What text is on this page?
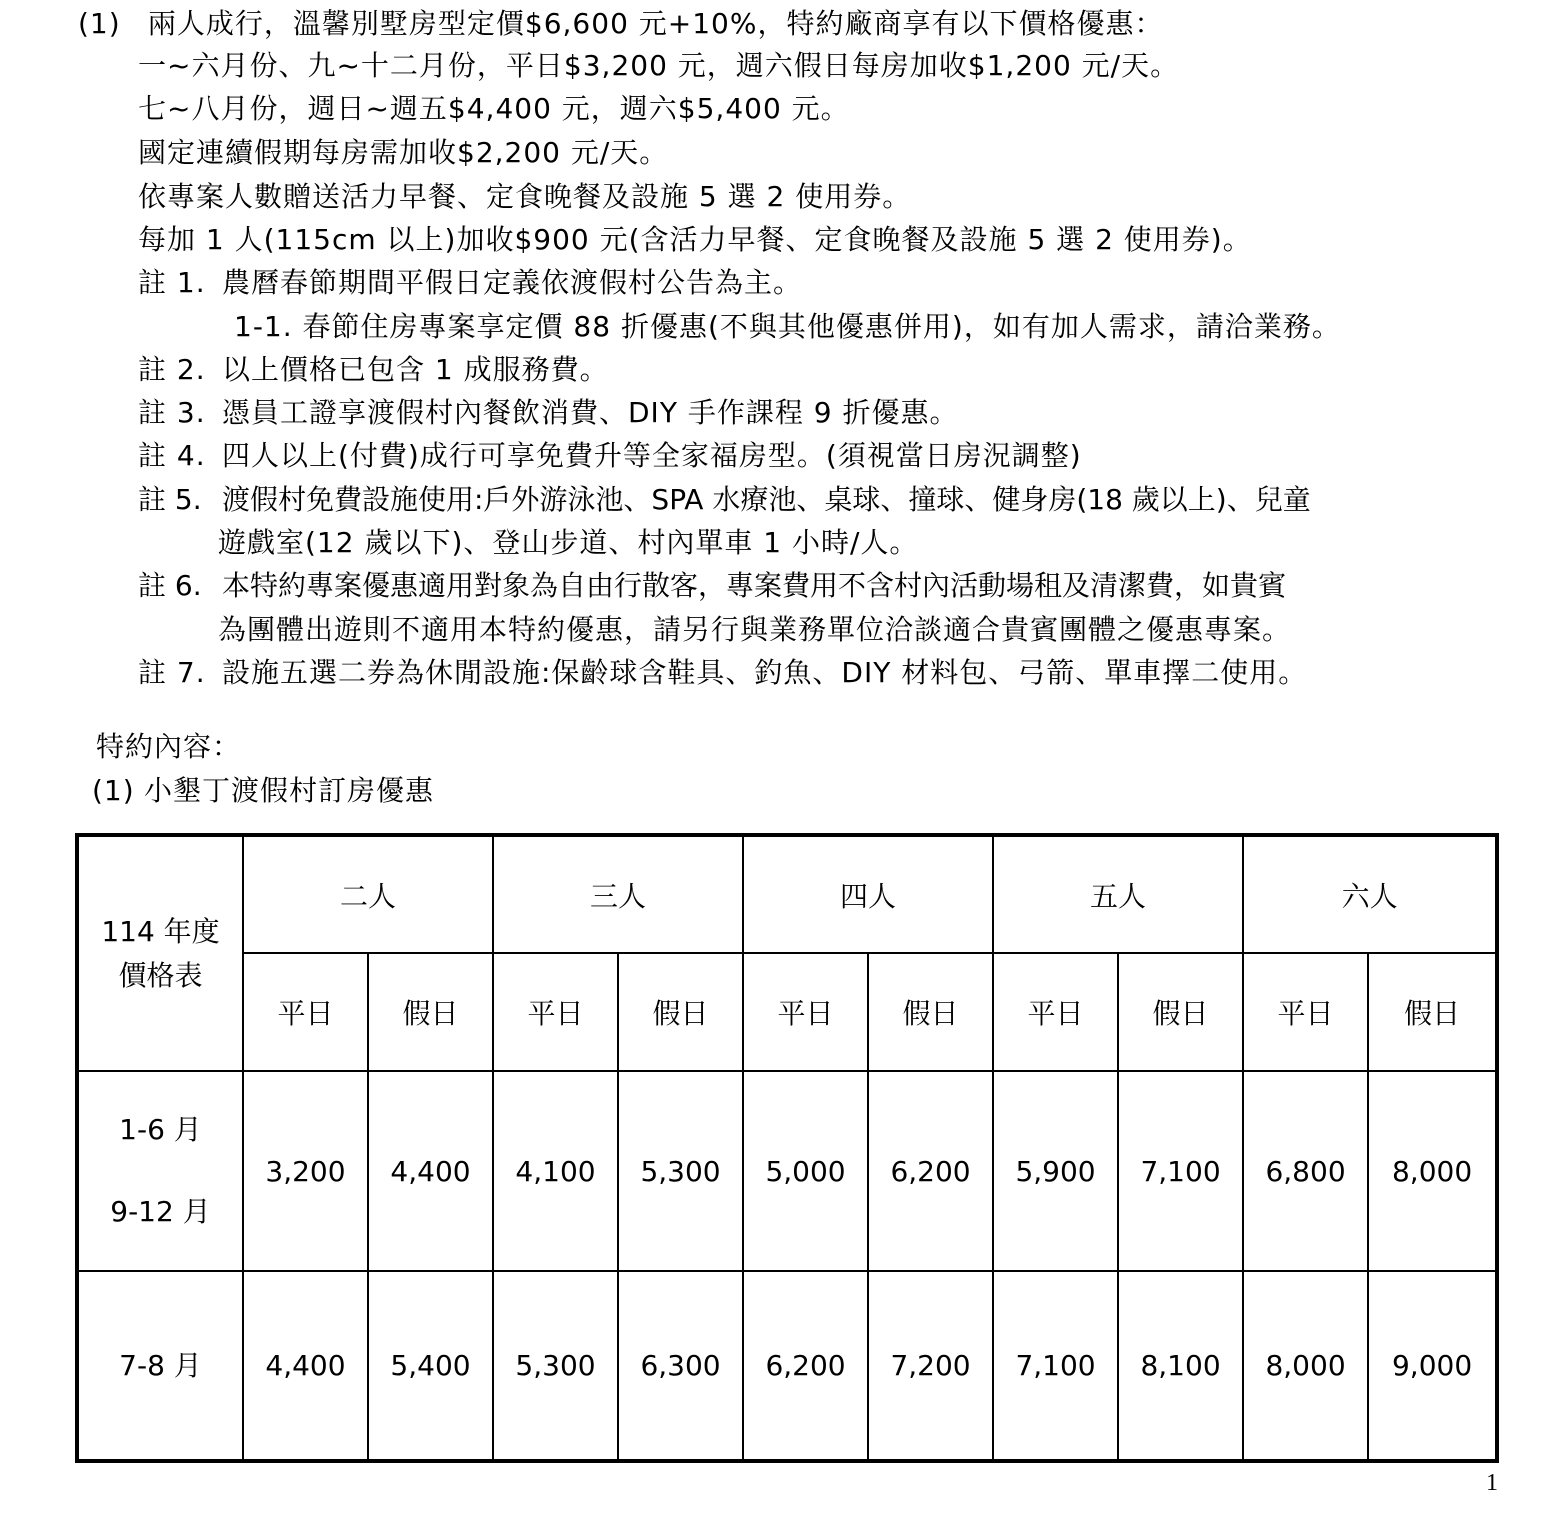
(1) 兩人成行，溫馨別墅房型定價$6,600 元+10%，特約廠商享有以下價格優惠：
一~六月份、九~十二月份，平日$3,200 元，週六假日每房加收$1,200 元/天。
七~八月份，週日~週五$4,400 元，週六$5,400 元。
國定連續假期每房需加收$2,200 元/天。
依專案人數贈送活力早餐、定食晚餐及設施 5 選 2 使用券。
每加 1 人(115cm 以上)加收$900 元(含活力早餐、定食晚餐及設施 5 選 2 使用券)。
註 1. 農曆春節期間平假日定義依渡假村公告為主。
1-1. 春節住房專案享定價 88 折優惠(不與其他優惠併用)，如有加人需求，請洽業務。
註 2. 以上價格已包含 1 成服務費。
註 3. 憑員工證享渡假村內餐飲消費、DIY 手作課程 9 折優惠。
註 4. 四人以上(付費)成行可享免費升等全家福房型。(須視當日房況調整)
註 5. 渡假村免費設施使用:戶外游泳池、SPA 水療池、桌球、撞球、健身房(18 歲以上)、兒童
遊戲室(12 歲以下)、登山步道、村內單車 1 小時/人。
註 6. 本特約專案優惠適用對象為自由行散客，專案費用不含村內活動場租及清潔費，如貴賓
為團體出遊則不適用本特約優惠，請另行與業務單位洽談適合貴賓團體之優惠專案。
註 7. 設施五選二券為休閒設施:保齡球含鞋具、釣魚、DIY 材料包、弓箭、單車擇二使用。
特約內容：
(1) 小墾丁渡假村訂房優惠
114 年度
價格表	二人		三人		四人		五人		六人	
	平日	假日	平日	假日	平日	假日	平日	假日	平日	假日

1-6 月
9-12 月	3,200	4,400	4,100	5,300	5,000	6,200	5,900	7,100	6,800	8,000

7-8 月	4,400	5,400	5,300	6,300	6,200	7,200	7,100	8,100	8,000	9,000
1
